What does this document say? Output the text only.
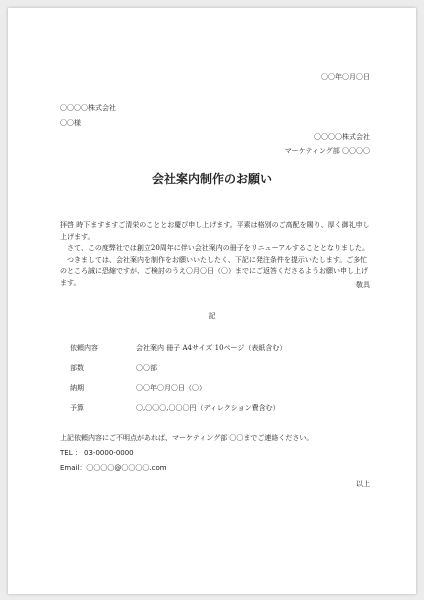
〇〇年〇月〇日
〇〇〇〇株式会社
〇〇様
〇〇〇〇株式会社
マーケティング部 〇〇〇〇
会社案内制作のお願い

拝啓 時下ますますご清栄のこととお慶び申し上げます。平素は格別のご高配を賜り、厚く御礼申し上げます。

　さて、この度弊社では創立20周年に伴い会社案内の冊子をリニューアルすることとなりました。

　つきましては、会社案内を制作をお願いいたしたく、下記に発注条件を提示いたします。ご多忙のところ誠に恐縮ですが、ご検討のうえ〇月〇日（〇）までにご返答くださるようお願い申し上げます。	敬具
記
依頼内容	会社案内 冊子 A4サイズ 10ページ（表紙含む）
部数	〇〇部
納期	〇〇年〇月〇日（〇）
予算	〇,〇〇〇,〇〇〇円（ディレクション費含む）
上記依頼内容にご不明点があれば、マーケティング部 〇〇までご連絡ください。
TEL ： 03-0000-0000
Email：〇〇〇〇@〇〇〇〇.com
以上
